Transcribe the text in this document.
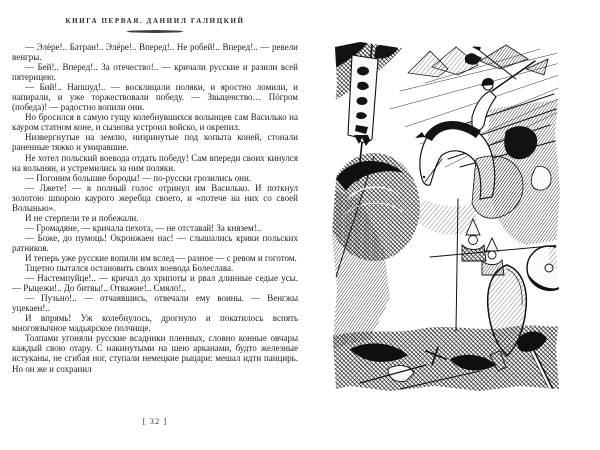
КНИГА ПЕРВАЯ. ДАНИИЛ ГАЛИЦКИЙ

— Элёре!.. Батран!.. Элёре!.. Вперед!.. Не робей!.. Вперед!.. — ревели венгры.

— Бей!.. Вперед!.. За отечество!.. — кричали русские и разили всей пятерицею.

— Бий!.. Напшуд!.. — восклицали поляки, и яростно ломили, и напирали, и уже торжествовали победу. — Звыценство… Пóгром (победа)! — радостно вопили они.

Но бросился в самую гущу колебнувшихся волынцев сам Василько на кауром статном коне, и сызнова устроил войско, и окрепил.

Низвергнутые на землю, низринутые под копыта коней, стонали раненные тяжко и умиравшие.

Не хотел польский воевода отдать победу! Сам впереди своих кинулся на волынян, и устремились за ним поляки.

— Погоним большие бороды! — по-русски грозились они.

— Лжете! — в полный голос отринул им Василько. И поткнул золотою шпорою каурого жеребца своего, и «потече на них со своей Волынью».

И не стерпели те и побежали.

— Громадяне, — кричала пехота, — не отставай! За князем!..

— Боже, до пумоць! Окронжаен нас! — слышались крики польских ратников.

И теперь уже русские вопили им вслед — разное — с ревом и гоготом.

Тщетно пытался остановить своих воевода Болеслава.

— Настемпуйце!.. — кричал до хрипоты и рвал длинные седые усы. — Рыцежи!.. До битвы!.. Отважне!.. Смяло!..

— Пузьно!.. — отчаявшись, отвечали ему воины. — Венгжы уцекаен!..

И впрямь! Уж колебнулось, дрогнуло и покатилось вспять многоязычное мадьярское полчище.

Толпами угоняли русские всадники пленных, словно конные овчары каждый свою отару. С накинутыми на шею арканами, будто железные истуканы, не сгибая ног, ступали немецкие рыцари: мешал идти панцирь. Но он же и сохранил

[ 32 ]
